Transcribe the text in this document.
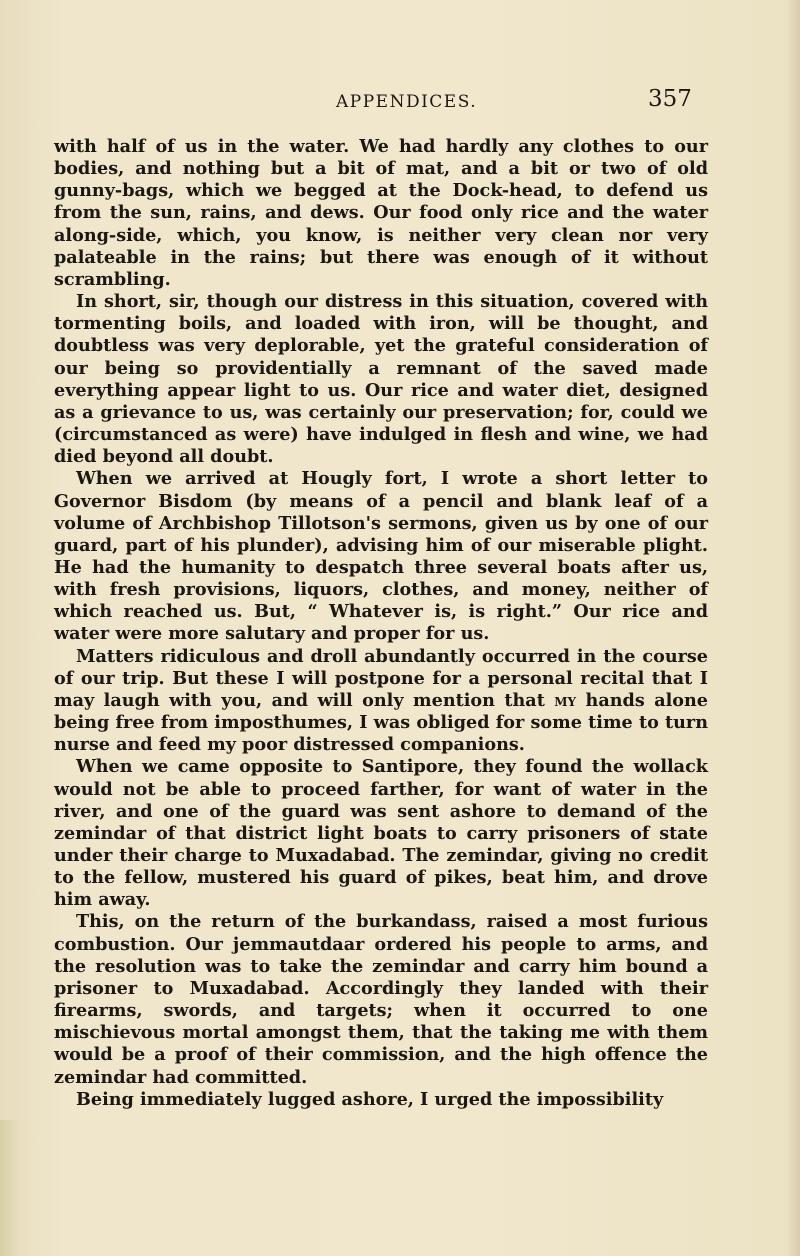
APPENDICES.	357

with half of us in the water. We had hardly any clothes to our bodies, and nothing but a bit of mat, and a bit or two of old gunny-bags, which we begged at the Dock-head, to defend us from the sun, rains, and dews. Our food only rice and the water along-side, which, you know, is neither very clean nor very palateable in the rains; but there was enough of it without scrambling.

In short, sir, though our distress in this situation, covered with tormenting boils, and loaded with iron, will be thought, and doubtless was very deplorable, yet the grateful consideration of our being so providentially a remnant of the saved made everything appear light to us. Our rice and water diet, designed as a grievance to us, was certainly our preservation; for, could we (circumstanced as were) have indulged in flesh and wine, we had died beyond all doubt.

When we arrived at Hougly fort, I wrote a short letter to Governor Bisdom (by means of a pencil and blank leaf of a volume of Archbishop Tillotson's sermons, given us by one of our guard, part of his plunder), advising him of our miserable plight. He had the humanity to despatch three several boats after us, with fresh provisions, liquors, clothes, and money, neither of which reached us. But, “ Whatever is, is right.” Our rice and water were more salutary and proper for us.

Matters ridiculous and droll abundantly occurred in the course of our trip. But these I will postpone for a personal recital that I may laugh with you, and will only mention that my hands alone being free from imposthumes, I was obliged for some time to turn nurse and feed my poor distressed companions.

When we came opposite to Santipore, they found the wollack would not be able to proceed farther, for want of water in the river, and one of the guard was sent ashore to demand of the zemindar of that district light boats to carry prisoners of state under their charge to Muxadabad. The zemindar, giving no credit to the fellow, mustered his guard of pikes, beat him, and drove him away.

This, on the return of the burkandass, raised a most furious combustion. Our jemmautdaar ordered his people to arms, and the resolution was to take the zemindar and carry him bound a prisoner to Muxadabad. Accordingly they landed with their firearms, swords, and targets; when it occurred to one mischievous mortal amongst them, that the taking me with them would be a proof of their commission, and the high offence the zemindar had committed.

Being immediately lugged ashore, I urged the impossibility
